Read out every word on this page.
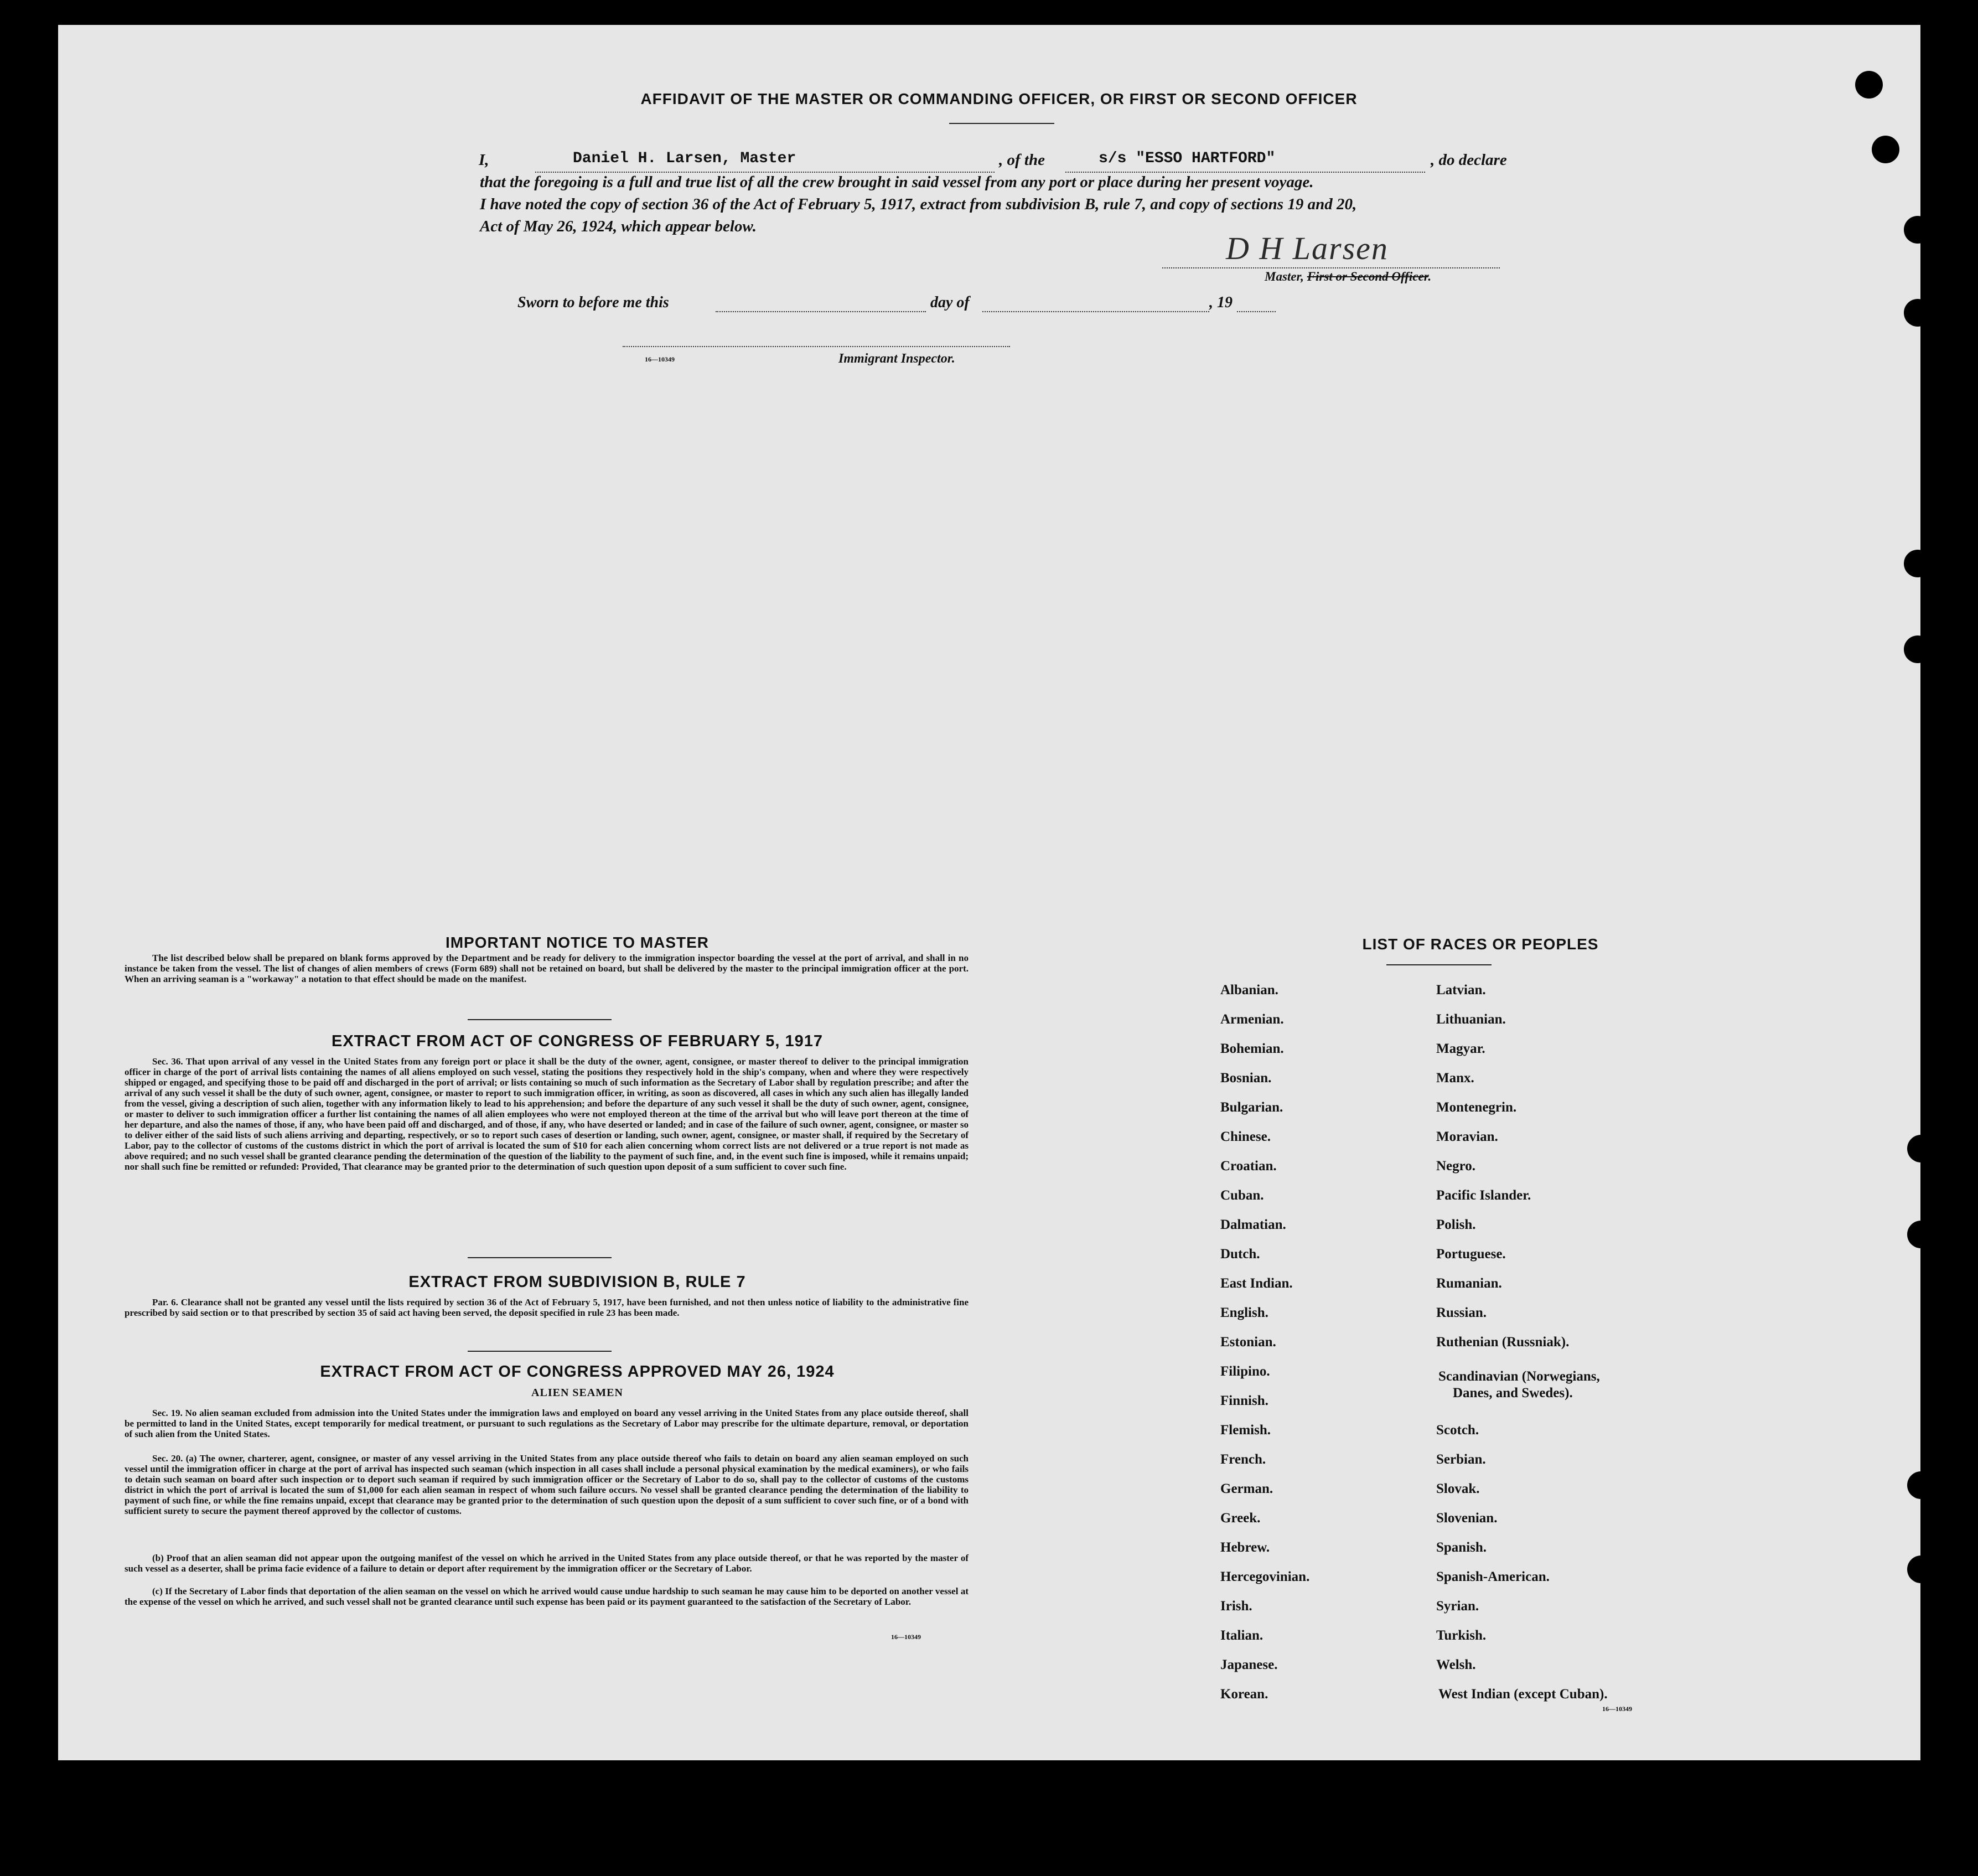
AFFIDAVIT OF THE MASTER OR COMMANDING OFFICER, OR FIRST OR SECOND OFFICER
I,	Daniel H. Larsen, Master	, of the	s/s "ESSO HARTFORD"	, do declare
that the foregoing is a full and true list of all the crew brought in said vessel from any port or place during her present voyage.
I have noted the copy of section 36 of the Act of February 5, 1917, extract from subdivision B, rule 7, and copy of sections 19 and 20,
Act of May 26, 1924, which appear below.
D H Larsen
Master, First or Second Officer.
Sworn to before me this	day of	, 19
16—10349	Immigrant Inspector.
IMPORTANT NOTICE TO MASTER
The list described below shall be prepared on blank forms approved by the Department and be ready for delivery to the immigration inspector boarding the vessel at the port of arrival, and shall in no instance be taken from the vessel. The list of changes of alien members of crews (Form 689) shall not be retained on board, but shall be delivered by the master to the principal immigration officer at the port. When an arriving seaman is a "workaway" a notation to that effect should be made on the manifest.
EXTRACT FROM ACT OF CONGRESS OF FEBRUARY 5, 1917
Sec. 36. That upon arrival of any vessel in the United States from any foreign port or place it shall be the duty of the owner, agent, consignee, or master thereof to deliver to the principal immigration officer in charge of the port of arrival lists containing the names of all aliens employed on such vessel, stating the positions they respectively hold in the ship's company, when and where they were respectively shipped or engaged, and specifying those to be paid off and discharged in the port of arrival; or lists containing so much of such information as the Secretary of Labor shall by regulation prescribe; and after the arrival of any such vessel it shall be the duty of such owner, agent, consignee, or master to report to such immigration officer, in writing, as soon as discovered, all cases in which any such alien has illegally landed from the vessel, giving a description of such alien, together with any information likely to lead to his apprehension; and before the departure of any such vessel it shall be the duty of such owner, agent, consignee, or master to deliver to such immigration officer a further list containing the names of all alien employees who were not employed thereon at the time of the arrival but who will leave port thereon at the time of her departure, and also the names of those, if any, who have been paid off and discharged, and of those, if any, who have deserted or landed; and in case of the failure of such owner, agent, consignee, or master so to deliver either of the said lists of such aliens arriving and departing, respectively, or so to report such cases of desertion or landing, such owner, agent, consignee, or master shall, if required by the Secretary of Labor, pay to the collector of customs of the customs district in which the port of arrival is located the sum of $10 for each alien concerning whom correct lists are not delivered or a true report is not made as above required; and no such vessel shall be granted clearance pending the determination of the question of the liability to the payment of such fine, and, in the event such fine is imposed, while it remains unpaid; nor shall such fine be remitted or refunded: Provided, That clearance may be granted prior to the determination of such question upon deposit of a sum sufficient to cover such fine.
EXTRACT FROM SUBDIVISION B, RULE 7
Par. 6. Clearance shall not be granted any vessel until the lists required by section 36 of the Act of February 5, 1917, have been furnished, and not then unless notice of liability to the administrative fine prescribed by said section or to that prescribed by section 35 of said act having been served, the deposit specified in rule 23 has been made.
EXTRACT FROM ACT OF CONGRESS APPROVED MAY 26, 1924
ALIEN SEAMEN
Sec. 19. No alien seaman excluded from admission into the United States under the immigration laws and employed on board any vessel arriving in the United States from any place outside thereof, shall be permitted to land in the United States, except temporarily for medical treatment, or pursuant to such regulations as the Secretary of Labor may prescribe for the ultimate departure, removal, or deportation of such alien from the United States.
Sec. 20. (a) The owner, charterer, agent, consignee, or master of any vessel arriving in the United States from any place outside thereof who fails to detain on board any alien seaman employed on such vessel until the immigration officer in charge at the port of arrival has inspected such seaman (which inspection in all cases shall include a personal physical examination by the medical examiners), or who fails to detain such seaman on board after such inspection or to deport such seaman if required by such immigration officer or the Secretary of Labor to do so, shall pay to the collector of customs of the customs district in which the port of arrival is located the sum of $1,000 for each alien seaman in respect of whom such failure occurs. No vessel shall be granted clearance pending the determination of the liability to payment of such fine, or while the fine remains unpaid, except that clearance may be granted prior to the determination of such question upon the deposit of a sum sufficient to cover such fine, or of a bond with sufficient surety to secure the payment thereof approved by the collector of customs.
(b) Proof that an alien seaman did not appear upon the outgoing manifest of the vessel on which he arrived in the United States from any place outside thereof, or that he was reported by the master of such vessel as a deserter, shall be prima facie evidence of a failure to detain or deport after requirement by the immigration officer or the Secretary of Labor.
(c) If the Secretary of Labor finds that deportation of the alien seaman on the vessel on which he arrived would cause undue hardship to such seaman he may cause him to be deported on another vessel at the expense of the vessel on which he arrived, and such vessel shall not be granted clearance until such expense has been paid or its payment guaranteed to the satisfaction of the Secretary of Labor.
16—10349
LIST OF RACES OR PEOPLES
Albanian.
Armenian.
Bohemian.
Bosnian.
Bulgarian.
Chinese.
Croatian.
Cuban.
Dalmatian.
Dutch.
East Indian.
English.
Estonian.
Filipino.
Finnish.
Flemish.
French.
German.
Greek.
Hebrew.
Hercegovinian.
Irish.
Italian.
Japanese.
Korean.
Latvian.
Lithuanian.
Magyar.
Manx.
Montenegrin.
Moravian.
Negro.
Pacific Islander.
Polish.
Portuguese.
Rumanian.
Russian.
Ruthenian (Russniak).
Scandinavian (Norwegians,
Danes, and Swedes).
Scotch.
Serbian.
Slovak.
Slovenian.
Spanish.
Spanish-American.
Syrian.
Turkish.
Welsh.
West Indian (except Cuban).
16—10349
